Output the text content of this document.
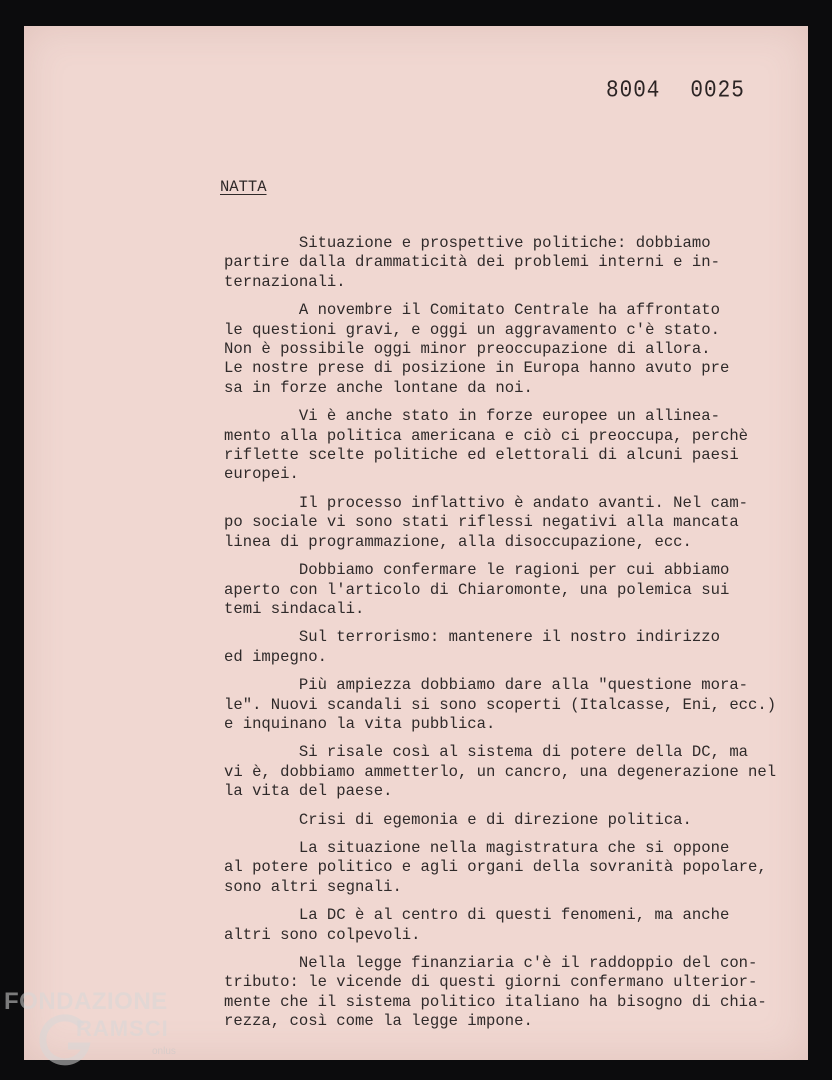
8004 0025
NATTA

Situazione e prospettive politiche: dobbiamo
partire dalla drammaticità dei problemi interni e in-
ternazionali.

A novembre il Comitato Centrale ha affrontato
le questioni gravi, e oggi un aggravamento c'è stato.
Non è possibile oggi minor preoccupazione di allora.
Le nostre prese di posizione in Europa hanno avuto pre
sa in forze anche lontane da noi.

Vi è anche stato in forze europee un allinea-
mento alla politica americana e ciò ci preoccupa, perchè
riflette scelte politiche ed elettorali di alcuni paesi
europei.

Il processo inflattivo è andato avanti. Nel cam-
po sociale vi sono stati riflessi negativi alla mancata
linea di programmazione, alla disoccupazione, ecc.

Dobbiamo confermare le ragioni per cui abbiamo
aperto con l'articolo di Chiaromonte, una polemica sui
temi sindacali.

Sul terrorismo: mantenere il nostro indirizzo
ed impegno.

Più ampiezza dobbiamo dare alla "questione mora-
le". Nuovi scandali si sono scoperti (Italcasse, Eni, ecc.)
e inquinano la vita pubblica.

Si risale così al sistema di potere della DC, ma
vi è, dobbiamo ammetterlo, un cancro, una degenerazione nel
la vita del paese.

Crisi di egemonia e di direzione politica.

La situazione nella magistratura che si oppone
al potere politico e agli organi della sovranità popolare,
sono altri segnali.

La DC è al centro di questi fenomeni, ma anche
altri sono colpevoli.

Nella legge finanziaria c'è il raddoppio del con-
tributo: le vicende di questi giorni confermano ulterior-
mente che il sistema politico italiano ha bisogno di chia-
rezza, così come la legge impone.

FONDAZIONE
RAMSCI
onlus
